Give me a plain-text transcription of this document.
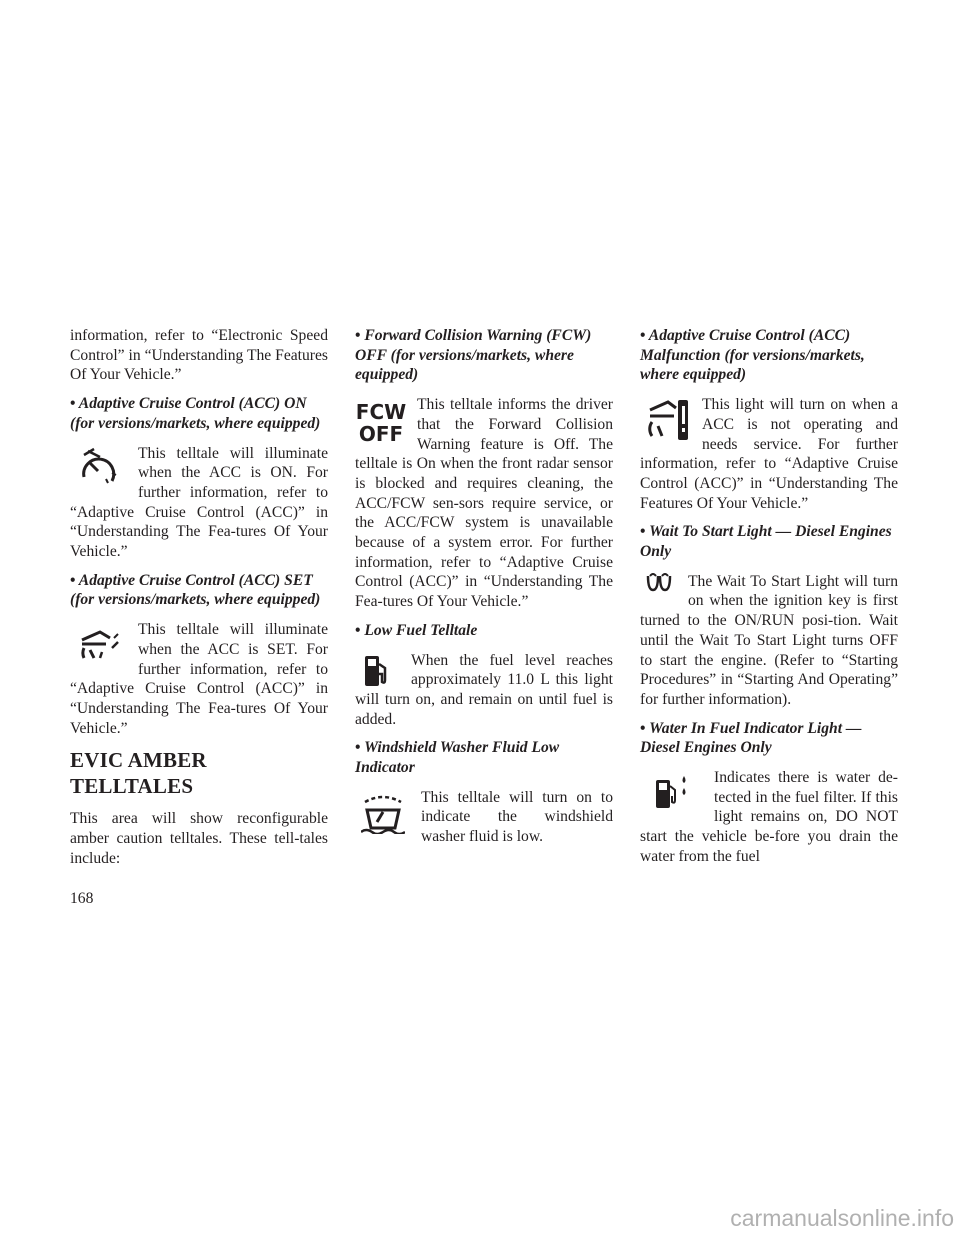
information, refer to “Electronic Speed Control” in “Understanding The Features Of Your Vehicle.”

• Adaptive Cruise Control (ACC) ON (for versions/markets, where equipped)

This telltale will illuminate when the ACC is ON. For further information, refer to “Adaptive Cruise Control (ACC)” in “Understanding The Fea-tures Of Your Vehicle.”

• Adaptive Cruise Control (ACC) SET (for versions/markets, where equipped)

This telltale will illuminate when the ACC is SET. For further information, refer to “Adaptive Cruise Control (ACC)” in “Understanding The Fea-tures Of Your Vehicle.”

EVIC AMBER TELLTALES

This area will show reconfigurable amber caution telltales. These tell-tales include:

• Forward Collision Warning (FCW) OFF (for versions/markets, where equipped)

FCW
OFF
This telltale informs the driver that the Forward Collision Warning feature is Off. The telltale is On when the front radar sensor is blocked and requires cleaning, the ACC/FCW sen-sors require service, or the ACC/FCW system is unavailable because of a system error. For further information, refer to “Adaptive Cruise Control (ACC)” in “Understanding The Fea-tures Of Your Vehicle.”

• Low Fuel Telltale

When the fuel level reaches approximately 11.0 L this light will turn on, and remain on until fuel is added.

• Windshield Washer Fluid Low Indicator

This telltale will turn on to indicate the windshield washer fluid is low.

• Adaptive Cruise Control (ACC) Malfunction (for versions/markets, where equipped)

This light will turn on when a ACC is not operating and needs service. For further information, refer to “Adaptive Cruise Control (ACC)” in “Understanding The Features Of Your Vehicle.”

• Wait To Start Light — Diesel Engines Only

The Wait To Start Light will turn on when the ignition key is first turned to the ON/RUN posi-tion. Wait until the Wait To Start Light turns OFF to start the engine. (Refer to “Starting Procedures” in “Starting And Operating” for further information).

• Water In Fuel Indicator Light — Diesel Engines Only

Indicates there is water de-tected in the fuel filter. If this light remains on, DO NOT start the vehicle be-fore you drain the water from the fuel

168
carmanualsonline.info
